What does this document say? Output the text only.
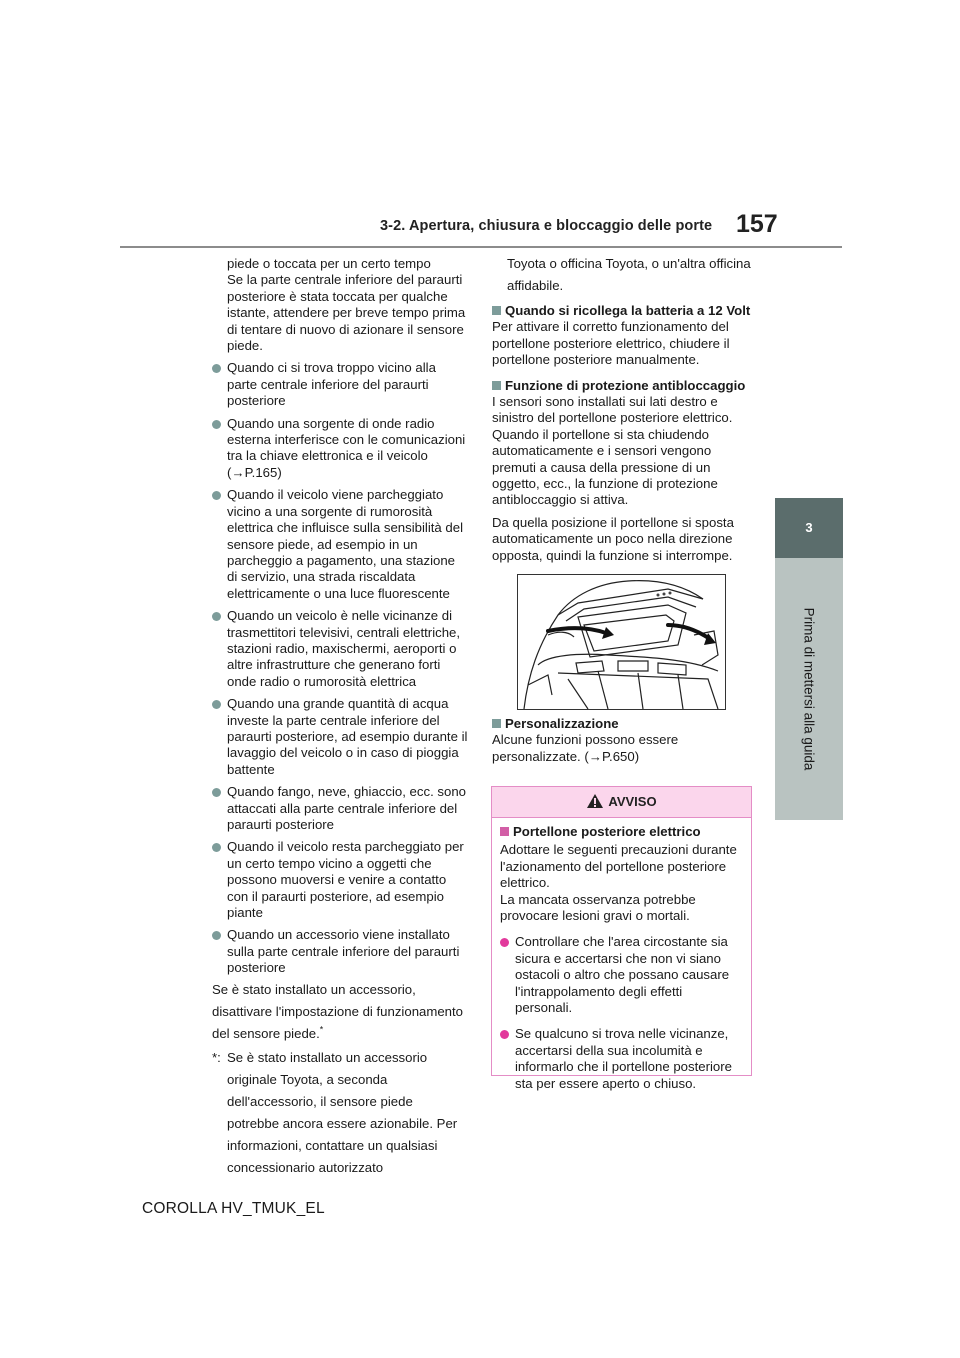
3-2. Apertura, chiusura e bloccaggio delle porte 157
3
Prima di mettersi alla guida

piede o toccata per un certo tempo
Se la parte centrale inferiore del paraurti posteriore è stata toccata per qualche istante, attendere per breve tempo prima di tentare di nuovo di azionare il sensore piede.

Quando ci si trova troppo vicino alla parte centrale inferiore del paraurti posteriore
Quando una sorgente di onde radio esterna interferisce con le comunicazioni tra la chiave elettronica e il veicolo (→P.165)
Quando il veicolo viene parcheggiato vicino a una sorgente di rumorosità elettrica che influisce sulla sensibilità del sensore piede, ad esempio in un parcheggio a pagamento, una stazione di servizio, una strada riscaldata elettricamente o una luce fluorescente
Quando un veicolo è nelle vicinanze di trasmettitori televisivi, centrali elettriche, stazioni radio, maxischermi, aeroporti o altre infrastrutture che generano forti onde radio o rumorosità elettrica
Quando una grande quantità di acqua investe la parte centrale inferiore del paraurti posteriore, ad esempio durante il lavaggio del veicolo o in caso di pioggia battente
Quando fango, neve, ghiaccio, ecc. sono attaccati alla parte centrale inferiore del paraurti posteriore
Quando il veicolo resta parcheggiato per un certo tempo vicino a oggetti che possono muoversi e venire a contatto con il paraurti posteriore, ad esempio piante
Quando un accessorio viene installato sulla parte centrale inferiore del paraurti posteriore

Se è stato installato un accessorio, disattivare l'impostazione di funzionamento del sensore piede.*

*: Se è stato installato un accessorio originale Toyota, a seconda dell'accessorio, il sensore piede potrebbe ancora essere azionabile. Per informazioni, contattare un qualsiasi concessionario autorizzato

Toyota o officina Toyota, o un'altra officina affidabile.

Quando si ricollega la batteria a 12 Volt

Per attivare il corretto funzionamento del portellone posteriore elettrico, chiudere il portellone posteriore manualmente.

Funzione di protezione antibloccaggio

I sensori sono installati sui lati destro e sinistro del portellone posteriore elettrico. Quando il portellone si sta chiudendo automaticamente e i sensori vengono premuti a causa della pressione di un oggetto, ecc., la funzione di protezione antibloccaggio si attiva.

Da quella posizione il portellone si sposta automaticamente un poco nella direzione opposta, quindi la funzione si interrompe.

Personalizzazione

Alcune funzioni possono essere personalizzate. (→P.650)

AVVISO
Portellone posteriore elettrico

Adottare le seguenti precauzioni durante l'azionamento del portellone posteriore elettrico.
La mancata osservanza potrebbe provocare lesioni gravi o mortali.

Controllare che l'area circostante sia sicura e accertarsi che non vi siano ostacoli o altro che possano causare l'intrappolamento degli effetti personali.
Se qualcuno si trova nelle vicinanze, accertarsi della sua incolumità e informarlo che il portellone posteriore sta per essere aperto o chiuso.
COROLLA HV_TMUK_EL
